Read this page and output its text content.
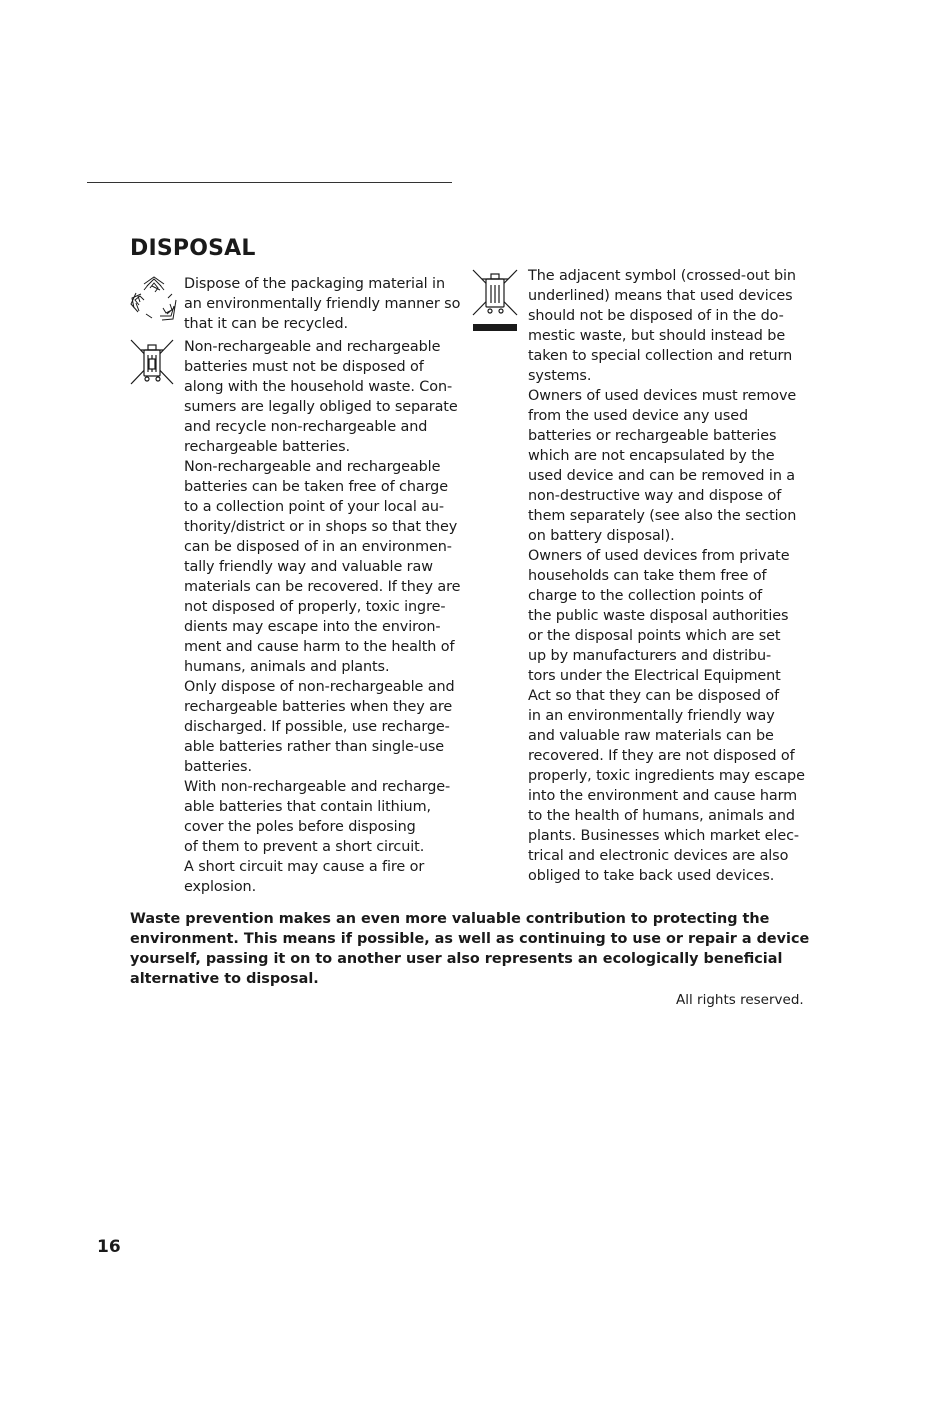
DISPOSAL
Dispose of the packaging material in
an environmentally friendly manner so
that it can be recycled.
Non-rechargeable and rechargeable
batteries must not be disposed of
along with the household waste. Con-
sumers are legally obliged to separate
and recycle non-rechargeable and
rechargeable batteries.
Non-rechargeable and rechargeable
batteries can be taken free of charge
to a collection point of your local au-
thority/district or in shops so that they
can be disposed of in an environmen-
tally friendly way and valuable raw
materials can be recovered. If they are
not disposed of properly, toxic ingre-
dients may escape into the environ-
ment and cause harm to the health of
humans, animals and plants.
Only dispose of non-rechargeable and
rechargeable batteries when they are
discharged. If possible, use recharge-
able batteries rather than single-use
batteries.
With non-rechargeable and recharge-
able batteries that contain lithium,
cover the poles before disposing
of them to prevent a short circuit.
A short circuit may cause a fire or
explosion.
The adjacent symbol (crossed-out bin
underlined) means that used devices
should not be disposed of in the do-
mestic waste, but should instead be
taken to special collection and return
systems.
Owners of used devices must remove
from the used device any used
batteries or rechargeable batteries
which are not encapsulated by the
used device and can be removed in a
non-destructive way and dispose of
them separately (see also the section
on battery disposal).
Owners of used devices from private
households can take them free of
charge to the collection points of
the public waste disposal authorities
or the disposal points which are set
up by manufacturers and distribu-
tors under the Electrical Equipment
Act so that they can be disposed of
in an environmentally friendly way
and valuable raw materials can be
recovered. If they are not disposed of
properly, toxic ingredients may escape
into the environment and cause harm
to the health of humans, animals and
plants. Businesses which market elec-
trical and electronic devices are also
obliged to take back used devices.
Waste prevention makes an even more valuable contribution to protecting the
environment. This means if possible, as well as continuing to use or repair a device
yourself, passing it on to another user also represents an ecologically beneficial
alternative to disposal.
All rights reserved.
16
